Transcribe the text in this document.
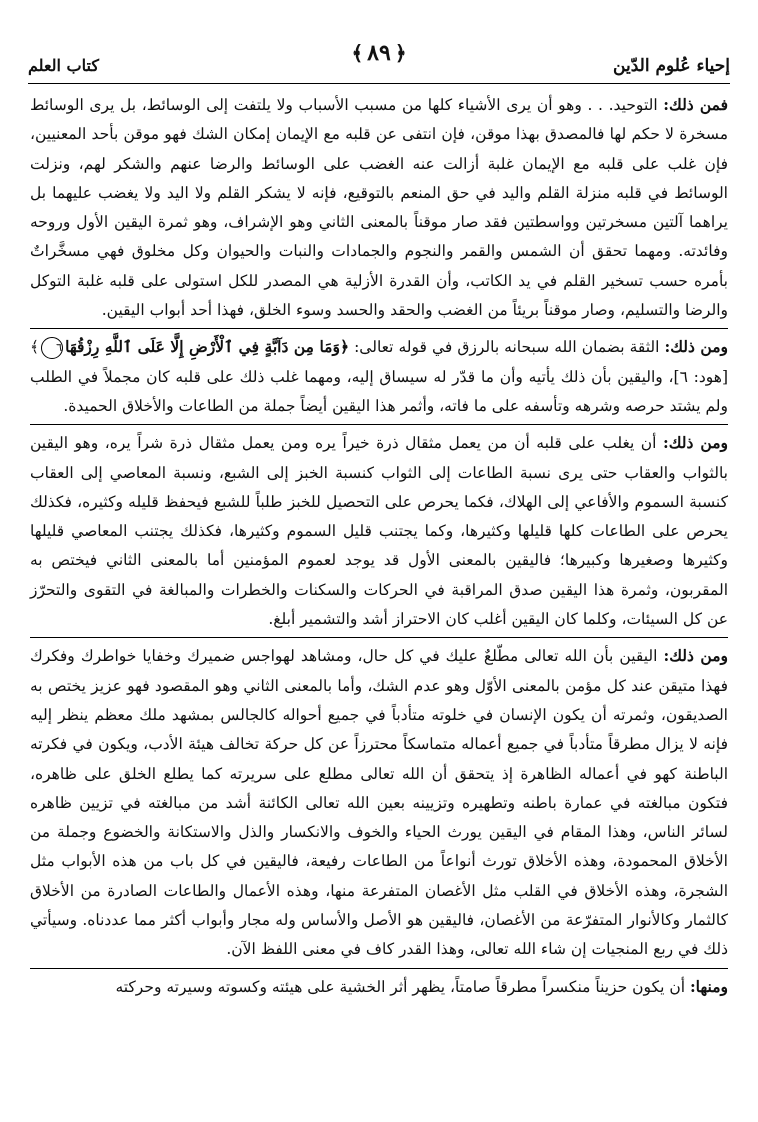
إحياء عُلوم الدّين
﴿
٨٩
﴾
كتاب العلم

فمن ذلك: التوحيد. . . وهو أن يرى الأشياء كلها من مسبب الأسباب ولا يلتفت إلى الوسائط، بل يرى الوسائط مسخرة لا حكم لها فالمصدق بهذا موقن، فإن انتفى عن قلبه مع الإيمان إمكان الشك فهو موقن بأحد المعنيين، فإن غلب على قلبه مع الإيمان غلبة أزالت عنه الغضب على الوسائط والرضا عنهم والشكر لهم، ونزلت الوسائط في قلبه منزلة القلم واليد في حق المنعم بالتوقيع، فإنه لا يشكر القلم ولا اليد ولا يغضب عليهما بل يراهما آلتين مسخرتين وواسطتين فقد صار موقناً بالمعنى الثاني وهو الإشراف، وهو ثمرة اليقين الأول وروحه وفائدته. ومهما تحقق أن الشمس والقمر والنجوم والجمادات والنبات والحيوان وكل مخلوق فهي مسخَّراتٌ بأمره حسب تسخير القلم في يد الكاتب، وأن القدرة الأزلية هي المصدر للكل استولى على قلبه غلبة التوكل والرضا والتسليم، وصار موقناً بريئاً من الغضب والحقد والحسد وسوء الخلق، فهذا أحد أبواب اليقين.

ومن ذلك: الثقة بضمان الله سبحانه بالرزق في قوله تعالى: ﴿وَمَا مِن دَآبَّةٍ فِي ٱلْأَرْضِ إِلَّا عَلَى ٱللَّهِ رِزْقُهَا٦﴾ [هود: ٦]، واليقين بأن ذلك يأتيه وأن ما قدّر له سيساق إليه، ومهما غلب ذلك على قلبه كان مجملاً في الطلب ولم يشتد حرصه وشرهه وتأسفه على ما فاته، وأثمر هذا اليقين أيضاً جملة من الطاعات والأخلاق الحميدة.

ومن ذلك: أن يغلب على قلبه أن من يعمل مثقال ذرة خيراً يره ومن يعمل مثقال ذرة شراً يره، وهو اليقين بالثواب والعقاب حتى يرى نسبة الطاعات إلى الثواب كنسبة الخبز إلى الشبع، ونسبة المعاصي إلى العقاب كنسبة السموم والأفاعي إلى الهلاك، فكما يحرص على التحصيل للخبز طلباً للشبع فيحفظ قليله وكثيره، فكذلك يحرص على الطاعات كلها قليلها وكثيرها، وكما يجتنب قليل السموم وكثيرها، فكذلك يجتنب المعاصي قليلها وكثيرها وصغيرها وكبيرها؛ فاليقين بالمعنى الأول قد يوجد لعموم المؤمنين أما بالمعنى الثاني فيختص به المقربون، وثمرة هذا اليقين صدق المراقبة في الحركات والسكنات والخطرات والمبالغة في التقوى والتحرّز عن كل السيئات، وكلما كان اليقين أغلب كان الاحتراز أشد والتشمير أبلغ.

ومن ذلك: اليقين بأن الله تعالى مطّلعٌ عليك في كل حال، ومشاهد لهواجس ضميرك وخفايا خواطرك وفكرك فهذا متيقن عند كل مؤمن بالمعنى الأوّل وهو عدم الشك، وأما بالمعنى الثاني وهو المقصود فهو عزيز يختص به الصديقون، وثمرته أن يكون الإنسان في خلوته متأدباً في جميع أحواله كالجالس بمشهد ملك معظم ينظر إليه فإنه لا يزال مطرقاً متأدباً في جميع أعماله متماسكاً محترزاً عن كل حركة تخالف هيئة الأدب، ويكون في فكرته الباطنة كهو في أعماله الظاهرة إذ يتحقق أن الله تعالى مطلع على سريرته كما يطلع الخلق على ظاهره، فتكون مبالغته في عمارة باطنه وتطهيره وتزيينه بعين الله تعالى الكائنة أشد من مبالغته في تزيين ظاهره لسائر الناس، وهذا المقام في اليقين يورث الحياء والخوف والانكسار والذل والاستكانة والخضوع وجملة من الأخلاق المحمودة، وهذه الأخلاق تورث أنواعاً من الطاعات رفيعة، فاليقين في كل باب من هذه الأبواب مثل الشجرة، وهذه الأخلاق في القلب مثل الأغصان المتفرعة منها، وهذه الأعمال والطاعات الصادرة من الأخلاق كالثمار وكالأنوار المتفرّعة من الأغصان، فاليقين هو الأصل والأساس وله مجار وأبواب أكثر مما عددناه. وسيأتي ذلك في ربع المنجيات إن شاء الله تعالى، وهذا القدر كاف في معنى اللفظ الآن.

ومنها: أن يكون حزيناً منكسراً مطرقاً صامتاً، يظهر أثر الخشية على هيئته وكسوته وسيرته وحركته
